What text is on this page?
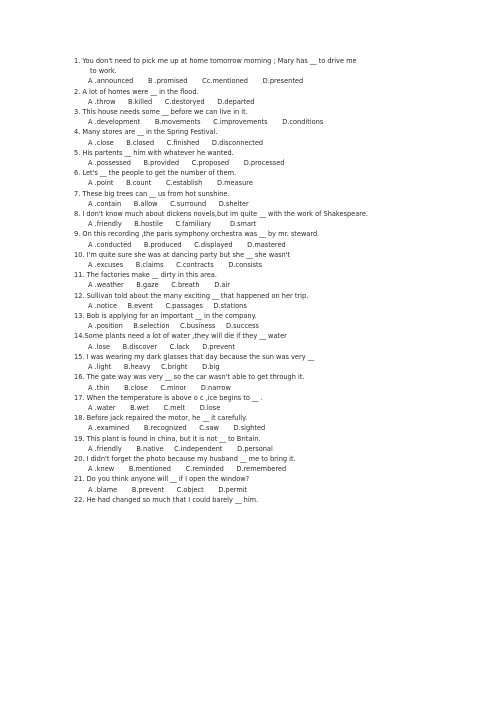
1. You don't need to pick me up at home tomorrow morning ; Mary has __ to drive me
to work.
A .announced       B .promised       Cc.mentioned       D.presented
2. A lot of homes were __ in the flood.
A .throw      B.killed      C.destoryed      D.departed
3. This house needs some __ before we can live in it.
A .development       B.movements      C.improvements       D.conditions
4. Many stores are __ in the Spring Festival.
A .close      B.closed      C.finished      D.disconnected
5. His partents __ him with whatever he wanted.
A .possessed      B.provided      C.proposed       D.processed
6. Let's __ the people to get the number of them.
A .point      B.count       C.establish       D.measure
7. These big trees can __ us from hot sunshine.
A .contain      B.allow      C.surround      D.shelter
8. I don't know much about dickens novels,but im quite __ with the work of Shakespeare.
A .friendly      B.hostile      C.familiary         D.smart
9. On this recording ,the paris symphony orchestra was __ by mr. steward.
A .conducted      B.produced      C.displayed       D.mastered
10. I'm quite sure she was at dancing party but she __ she wasn't
A .excuses      B.claims      C.contracts       D.consists
11. The factories make __ dirty in this area.
A .weather      B.gaze      C.breath       D.air
12. Sullivan told about the many exciting __ that happened on her trip.
A .notice     B.event      C.passages     D.stations
13. Bob is applying for an important __ in the company.
A .position     B.selection     C.business     D.success
14.Some plants need a lot of water ,they will die if they __ water
A .lose      B.discover      C.lack      D.prevent
15. I was wearing my dark glasses that day because the sun was very __
A .light      B.heavy     C.bright       D.big
16. The gate way was very __ so the car wasn't able to get through it.
A .thin       B.close      C.minor       D.narrow
17. When the temperature is above o c ,ice begins to __ .
A .water       B.wet       C.melt       D.lose
18. Before jack repaired the motor, he __ it carefully.
A .examined       B.recognized      C.saw       D.sighted
19. This plant is found in china, but it is not __ to Britain.
A .friendly       B.native     C.independent       D.personal
20. I didn't forget the photo because my husband __ me to bring it.
A .knew       B.mentioned       C.reminded      D.remembered
21. Do you think anyone will __ if I open the window?
A .blame       B.prevent      C.object       D.permit
22. He had changed so much that I could barely __ him.
